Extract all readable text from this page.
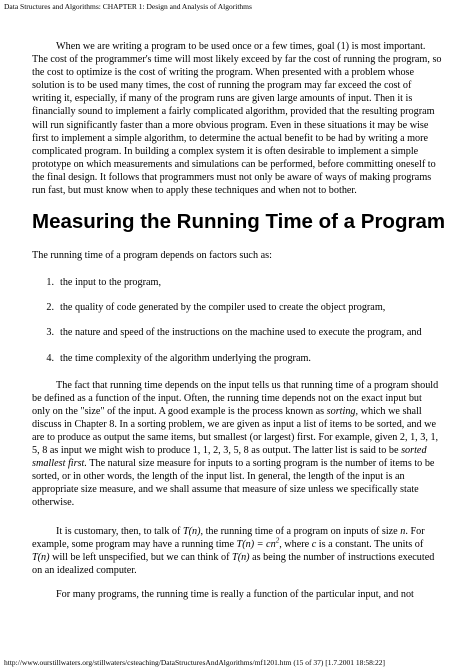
Data Structures and Algorithms: CHAPTER 1: Design and Analysis of Algorithms

When we are writing a program to be used once or a few times, goal (1) is most important. The cost of the programmer's time will most likely exceed by far the cost of running the program, so the cost to optimize is the cost of writing the program. When presented with a problem whose solution is to be used many times, the cost of running the program may far exceed the cost of writing it, especially, if many of the program runs are given large amounts of input. Then it is financially sound to implement a fairly complicated algorithm, provided that the resulting program will run significantly faster than a more obvious program. Even in these situations it may be wise first to implement a simple algorithm, to determine the actual benefit to be had by writing a more complicated program. In building a complex system it is often desirable to implement a simple prototype on which measurements and simulations can be performed, before committing oneself to the final design. It follows that programmers must not only be aware of ways of making programs run fast, but must know when to apply these techniques and when not to bother.

Measuring the Running Time of a Program

The running time of a program depends on factors such as:

1. the input to the program,
2. the quality of code generated by the compiler used to create the object program,
3. the nature and speed of the instructions on the machine used to execute the program, and
4. the time complexity of the algorithm underlying the program.

The fact that running time depends on the input tells us that running time of a program should be defined as a function of the input. Often, the running time depends not on the exact input but only on the "size" of the input. A good example is the process known as sorting, which we shall discuss in Chapter 8. In a sorting problem, we are given as input a list of items to be sorted, and we are to produce as output the same items, but smallest (or largest) first. For example, given 2, 1, 3, 1, 5, 8 as input we might wish to produce 1, 1, 2, 3, 5, 8 as output. The latter list is said to be sorted smallest first. The natural size measure for inputs to a sorting program is the number of items to be sorted, or in other words, the length of the input list. In general, the length of the input is an appropriate size measure, and we shall assume that measure of size unless we specifically state otherwise.

It is customary, then, to talk of T(n), the running time of a program on inputs of size n. For example, some program may have a running time $T(n) = cn^2$, where c is a constant. The units of T(n) will be left unspecified, but we can think of T(n) as being the number of instructions executed on an idealized computer.

For many programs, the running time is really a function of the particular input, and not

http://www.ourstillwaters.org/stillwaters/csteaching/DataStructuresAndAlgorithms/mf1201.htm (15 of 37) [1.7.2001 18:58:22]
